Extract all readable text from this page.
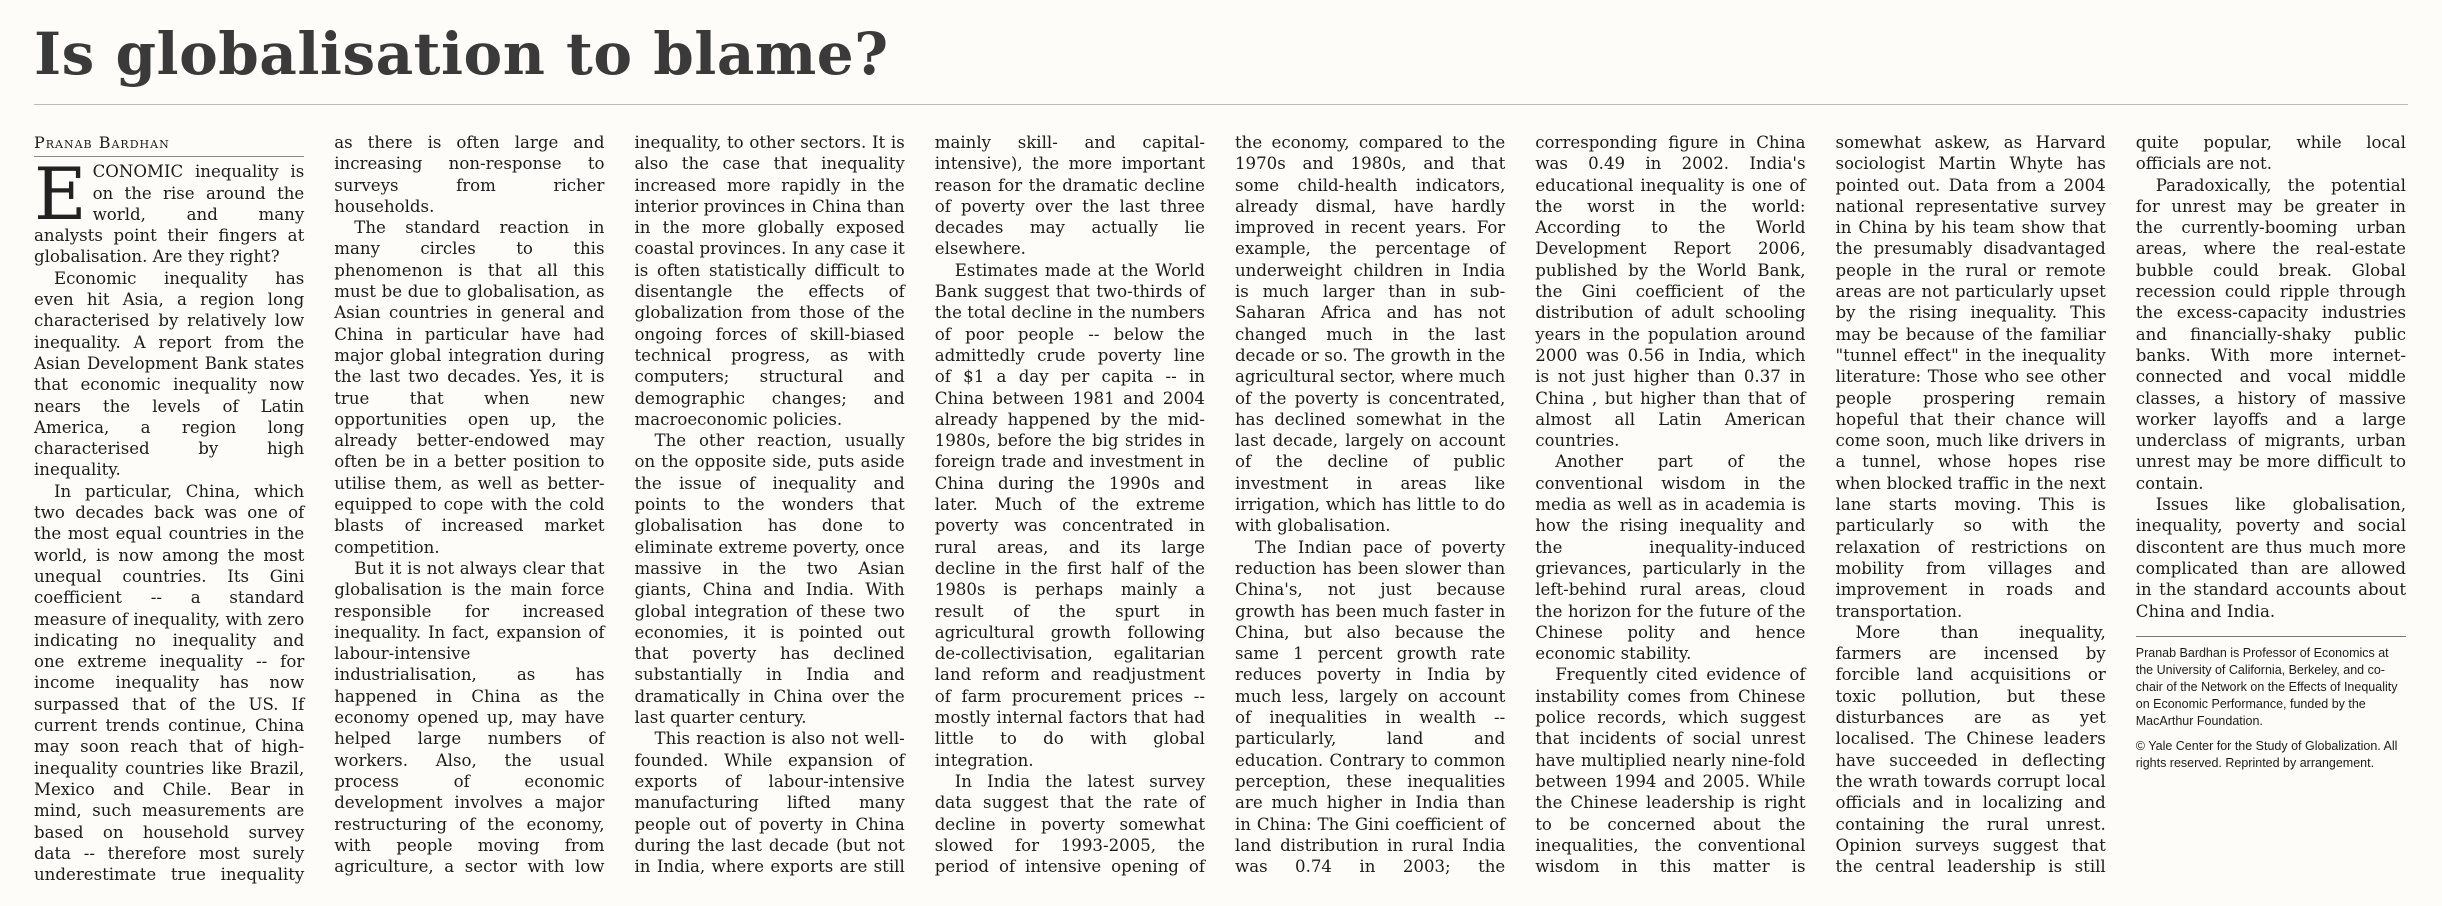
Is globalisation to blame?
Pranab Bardhan

ECONOMIC inequality is on the rise around the world, and many analysts point their fingers at globalisation. Are they right?

Economic inequality has even hit Asia, a region long characterised by relatively low inequality. A report from the Asian Development Bank states that economic inequality now nears the levels of Latin America, a region long characterised by high inequality.

In particular, China, which two decades back was one of the most equal countries in the world, is now among the most unequal countries. Its Gini coefficient -- a standard measure of inequality, with zero indicating no inequality and one extreme inequality -- for income inequality has now surpassed that of the US. If current trends continue, China may soon reach that of high-inequality countries like Brazil, Mexico and Chile. Bear in mind, such measurements are based on household survey data -- therefore most surely underestimate true inequality as there is often large and increasing non-response to surveys from richer households.

The standard reaction in many circles to this phenomenon is that all this must be due to globalisation, as Asian countries in general and China in particular have had major global integration during the last two decades. Yes, it is true that when new opportunities open up, the already better-endowed may often be in a better position to utilise them, as well as better-equipped to cope with the cold blasts of increased market competition.

But it is not always clear that globalisation is the main force responsible for increased inequality. In fact, expansion of labour-intensive industrialisation, as has happened in China as the economy opened up, may have helped large numbers of workers. Also, the usual process of economic development involves a major restructuring of the economy, with people moving from agriculture, a sector with low inequality, to other sectors. It is also the case that inequality increased more rapidly in the interior provinces in China than in the more globally exposed coastal provinces. In any case it is often statistically difficult to disentangle the effects of globalization from those of the ongoing forces of skill-biased technical progress, as with computers; structural and demographic changes; and macroeconomic policies.

The other reaction, usually on the opposite side, puts aside the issue of inequality and points to the wonders that globalisation has done to eliminate extreme poverty, once massive in the two Asian giants, China and India. With global integration of these two economies, it is pointed out that poverty has declined substantially in India and dramatically in China over the last quarter century.

This reaction is also not well-founded. While expansion of exports of labour-intensive manufacturing lifted many people out of poverty in China during the last decade (but not in India, where exports are still mainly skill- and capital-intensive), the more important reason for the dramatic decline of poverty over the last three decades may actually lie elsewhere.

Estimates made at the World Bank suggest that two-thirds of the total decline in the numbers of poor people -- below the admittedly crude poverty line of $1 a day per capita -- in China between 1981 and 2004 already happened by the mid-1980s, before the big strides in foreign trade and investment in China during the 1990s and later. Much of the extreme poverty was concentrated in rural areas, and its large decline in the first half of the 1980s is perhaps mainly a result of the spurt in agricultural growth following de-collectivisation, egalitarian land reform and readjustment of farm procurement prices -- mostly internal factors that had little to do with global integration.

In India the latest survey data suggest that the rate of decline in poverty somewhat slowed for 1993-2005, the period of intensive opening of the economy, compared to the 1970s and 1980s, and that some child-health indicators, already dismal, have hardly improved in recent years. For example, the percentage of underweight children in India is much larger than in sub-Saharan Africa and has not changed much in the last decade or so. The growth in the agricultural sector, where much of the poverty is concentrated, has declined somewhat in the last decade, largely on account of the decline of public investment in areas like irrigation, which has little to do with globalisation.

The Indian pace of poverty reduction has been slower than China's, not just because growth has been much faster in China, but also because the same 1 percent growth rate reduces poverty in India by much less, largely on account of inequalities in wealth -- particularly, land and education. Contrary to common perception, these inequalities are much higher in India than in China: The Gini coefficient of land distribution in rural India was 0.74 in 2003; the corresponding figure in China was 0.49 in 2002. India's educational inequality is one of the worst in the world: According to the World Development Report 2006, published by the World Bank, the Gini coefficient of the distribution of adult schooling years in the population around 2000 was 0.56 in India, which is not just higher than 0.37 in China , but higher than that of almost all Latin American countries.

Another part of the conventional wisdom in the media as well as in academia is how the rising inequality and the inequality-induced grievances, particularly in the left-behind rural areas, cloud the horizon for the future of the Chinese polity and hence economic stability.

Frequently cited evidence of instability comes from Chinese police records, which suggest that incidents of social unrest have multiplied nearly nine-fold between 1994 and 2005. While the Chinese leadership is right to be concerned about the inequalities, the conventional wisdom in this matter is somewhat askew, as Harvard sociologist Martin Whyte has pointed out. Data from a 2004 national representative survey in China by his team show that the presumably disadvantaged people in the rural or remote areas are not particularly upset by the rising inequality. This may be because of the familiar "tunnel effect" in the inequality literature: Those who see other people prospering remain hopeful that their chance will come soon, much like drivers in a tunnel, whose hopes rise when blocked traffic in the next lane starts moving. This is particularly so with the relaxation of restrictions on mobility from villages and improvement in roads and transportation.

More than inequality, farmers are incensed by forcible land acquisitions or toxic pollution, but these disturbances are as yet localised. The Chinese leaders have succeeded in deflecting the wrath towards corrupt local officials and in localizing and containing the rural unrest. Opinion surveys suggest that the central leadership is still quite popular, while local officials are not.

Paradoxically, the potential for unrest may be greater in the currently-booming urban areas, where the real-estate bubble could break. Global recession could ripple through the excess-capacity industries and financially-shaky public banks. With more internet-connected and vocal middle classes, a history of massive worker layoffs and a large underclass of migrants, urban unrest may be more difficult to contain.

Issues like globalisation, inequality, poverty and social discontent are thus much more complicated than are allowed in the standard accounts about China and India.

Pranab Bardhan is Professor of Economics at the University of California, Berkeley, and co-chair of the Network on the Effects of Inequality on Economic Performance, funded by the MacArthur Foundation.

© Yale Center for the Study of Globalization. All rights reserved. Reprinted by arrangement.
